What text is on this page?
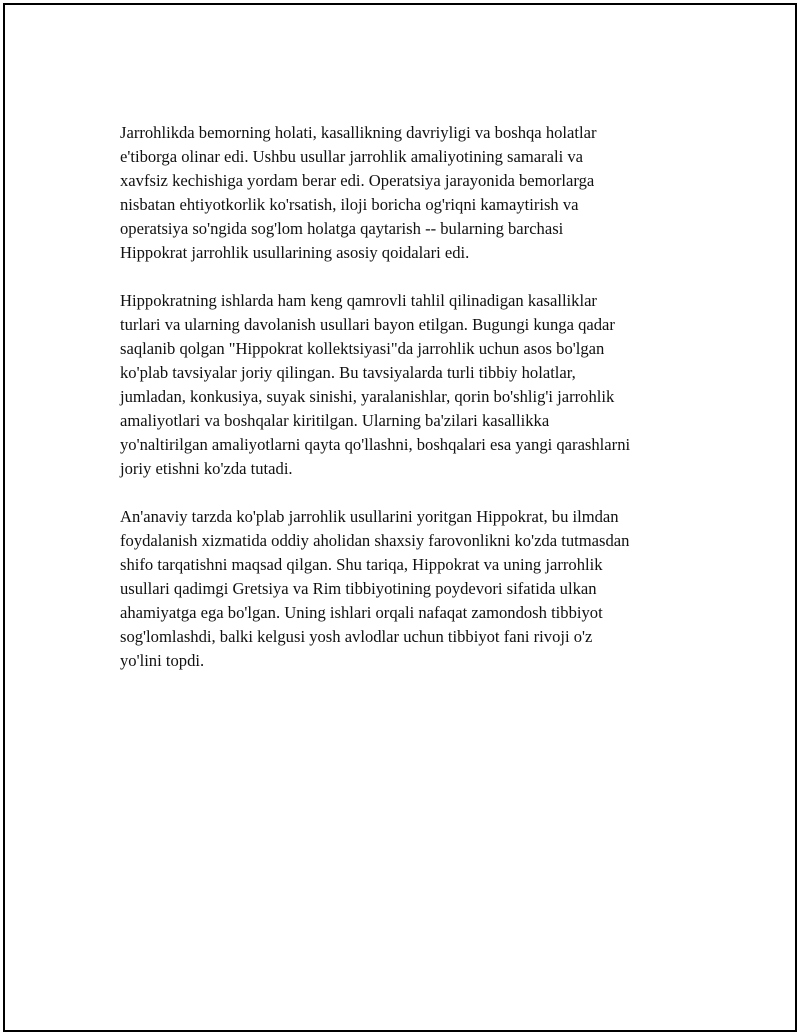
Jarrohlikda bemorning holati, kasallikning davriyligi va boshqa holatlar
e'tiborga olinar edi. Ushbu usullar jarrohlik amaliyotining samarali va
xavfsiz kechishiga yordam berar edi. Operatsiya jarayonida bemorlarga
nisbatan ehtiyotkorlik ko'rsatish, iloji boricha og'riqni kamaytirish va
operatsiya so'ngida sog'lom holatga qaytarish -- bularning barchasi
Hippokrat jarrohlik usullarining asosiy qoidalari edi.

Hippokratning ishlarda ham keng qamrovli tahlil qilinadigan kasalliklar
turlari va ularning davolanish usullari bayon etilgan. Bugungi kunga qadar
saqlanib qolgan "Hippokrat kollektsiyasi"da jarrohlik uchun asos bo'lgan
ko'plab tavsiyalar joriy qilingan. Bu tavsiyalarda turli tibbiy holatlar,
jumladan, konkusiya, suyak sinishi, yaralanishlar, qorin bo'shlig'i jarrohlik
amaliyotlari va boshqalar kiritilgan. Ularning ba'zilari kasallikka
yo'naltirilgan amaliyotlarni qayta qo'llashni, boshqalari esa yangi qarashlarni
joriy etishni ko'zda tutadi.

An'anaviy tarzda ko'plab jarrohlik usullarini yoritgan Hippokrat, bu ilmdan
foydalanish xizmatida oddiy aholidan shaxsiy farovonlikni ko'zda tutmasdan
shifo tarqatishni maqsad qilgan. Shu tariqa, Hippokrat va uning jarrohlik
usullari qadimgi Gretsiya va Rim tibbiyotining poydevori sifatida ulkan
ahamiyatga ega bo'lgan. Uning ishlari orqali nafaqat zamondosh tibbiyot
sog'lomlashdi, balki kelgusi yosh avlodlar uchun tibbiyot fani rivoji o'z
yo'lini topdi.
